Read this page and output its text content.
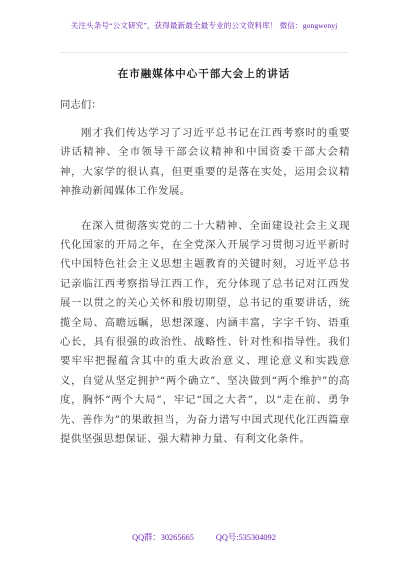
关注头条号“公文研究”，获得最新最全最专业的公文资料库！ 微信：gongwenyj
在市融媒体中心干部大会上的讲话
同志们：

刚才我们传达学习了习近平总书记在江西考察时的重要讲话精神、全市领导干部会议精神和中国资委干部大会精神，大家学的很认真，但更重要的是落在实处，运用会议精神推动新闻媒体工作发展。

在深入贯彻落实党的二十大精神、全面建设社会主义现代化国家的开局之年，在全党深入开展学习贯彻习近平新时代中国特色社会主义思想主题教育的关键时刻，习近平总书记亲临江西考察指导江西工作，充分体现了总书记对江西发展一以贯之的关心关怀和殷切期望，总书记的重要讲话，统揽全局、高瞻远瞩，思想深邃、内涵丰富，字字千钧、语重心长，具有很强的政治性、战略性、针对性和指导性。我们要牢牢把握蕴含其中的重大政治意义、理论意义和实践意义，自觉从坚定拥护“两个确立”、坚决做到“两个维护”的高度，胸怀“两个大局”，牢记“国之大者”，以“走在前、勇争先、善作为”的果敢担当，为奋力谱写中国式现代化江西篇章提供坚强思想保证、强大精神力量、有利文化条件。

QQ群：30265665	QQ号:535304092
